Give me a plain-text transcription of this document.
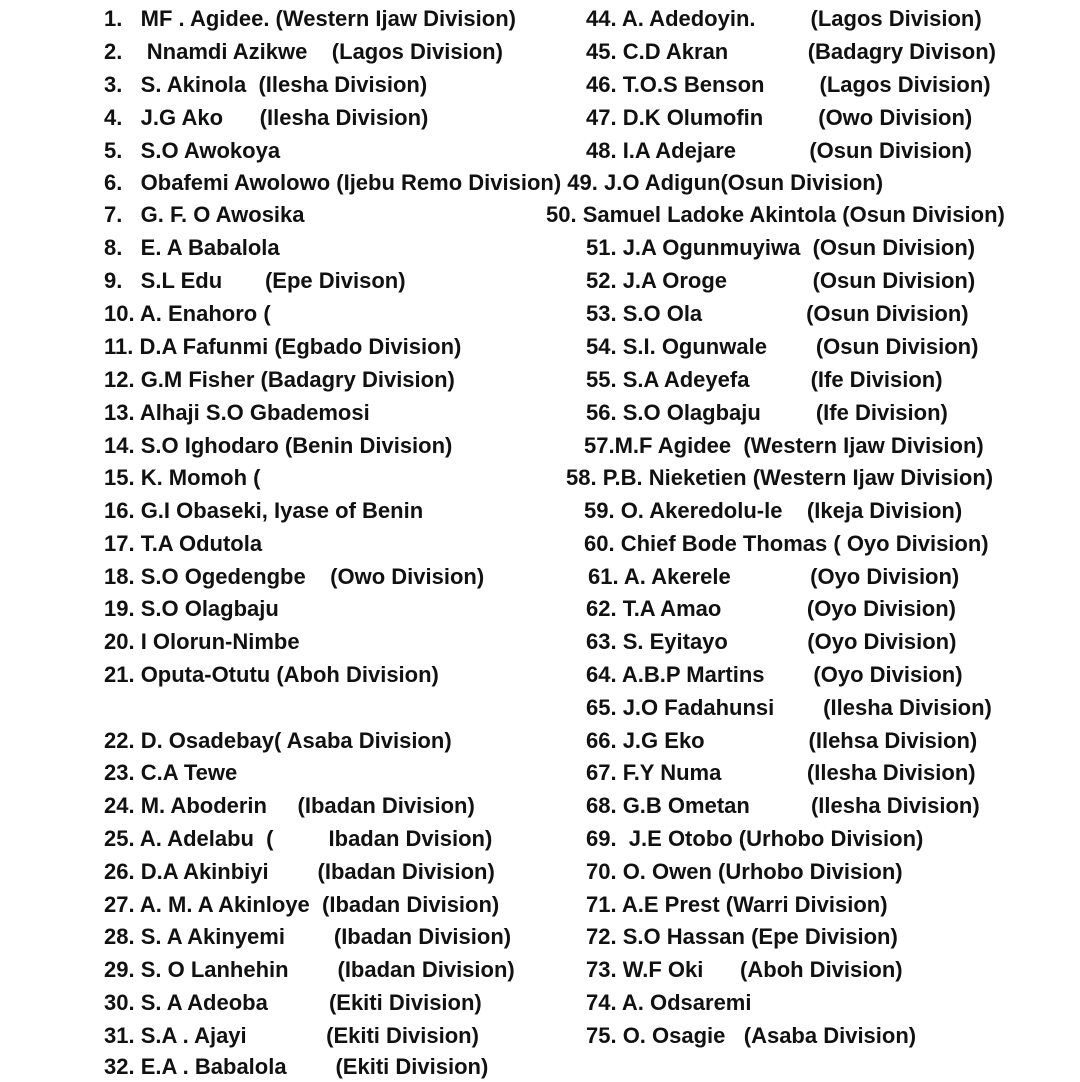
1.   MF . Agidee. (Western Ijaw Division)
2.    Nnamdi Azikwe    (Lagos Division)
3.   S. Akinola  (Ilesha Division)
4.   J.G Ako      (Ilesha Division)
5.   S.O Awokoya
6.   Obafemi Awolowo (Ijebu Remo Division) 49. J.O Adigun(Osun Division)
7.   G. F. O Awosika
8.   E. A Babalola
9.   S.L Edu       (Epe Divison)
10. A. Enahoro (
11. D.A Fafunmi (Egbado Division)
12. G.M Fisher (Badagry Division)
13. Alhaji S.O Gbademosi
14. S.O Ighodaro (Benin Division)
15. K. Momoh (
16. G.I Obaseki, Iyase of Benin
17. T.A Odutola
18. S.O Ogedengbe    (Owo Division)
19. S.O Olagbaju
20. I Olorun-Nimbe
21. Oputa-Otutu (Aboh Division)
22. D. Osadebay( Asaba Division)
23. C.A Tewe
24. M. Aboderin     (Ibadan Division)
25. A. Adelabu  (         Ibadan Dvision)
26. D.A Akinbiyi        (Ibadan Division)
27. A. M. A Akinloye  (Ibadan Division)
28. S. A Akinyemi        (Ibadan Division)
29. S. O Lanhehin        (Ibadan Division)
30. S. A Adeoba          (Ekiti Division)
31. S.A . Ajayi             (Ekiti Division)
32. E.A . Babalola        (Ekiti Division)
44. A. Adedoyin.         (Lagos Division)
45. C.D Akran             (Badagry Divison)
46. T.O.S Benson         (Lagos Division)
47. D.K Olumofin         (Owo Division)
48. I.A Adejare            (Osun Division)
50. Samuel Ladoke Akintola (Osun Division)
51. J.A Ogunmuyiwa  (Osun Division)
52. J.A Oroge              (Osun Division)
53. S.O Ola                 (Osun Division)
54. S.I. Ogunwale        (Osun Division)
55. S.A Adeyefa          (Ife Division)
56. S.O Olagbaju         (Ife Division)
57.M.F Agidee  (Western Ijaw Division)
58. P.B. Nieketien (Western Ijaw Division)
59. O. Akeredolu-le    (Ikeja Division)
60. Chief Bode Thomas ( Oyo Division)
61. A. Akerele             (Oyo Division)
62. T.A Amao              (Oyo Division)
63. S. Eyitayo             (Oyo Division)
64. A.B.P Martins        (Oyo Division)
65. J.O Fadahunsi        (Ilesha Division)
66. J.G Eko                 (Ilehsa Division)
67. F.Y Numa              (Ilesha Division)
68. G.B Ometan          (Ilesha Division)
69.  J.E Otobo (Urhobo Division)
70. O. Owen (Urhobo Division)
71. A.E Prest (Warri Division)
72. S.O Hassan (Epe Division)
73. W.F Oki      (Aboh Division)
74. A. Odsaremi
75. O. Osagie   (Asaba Division)
